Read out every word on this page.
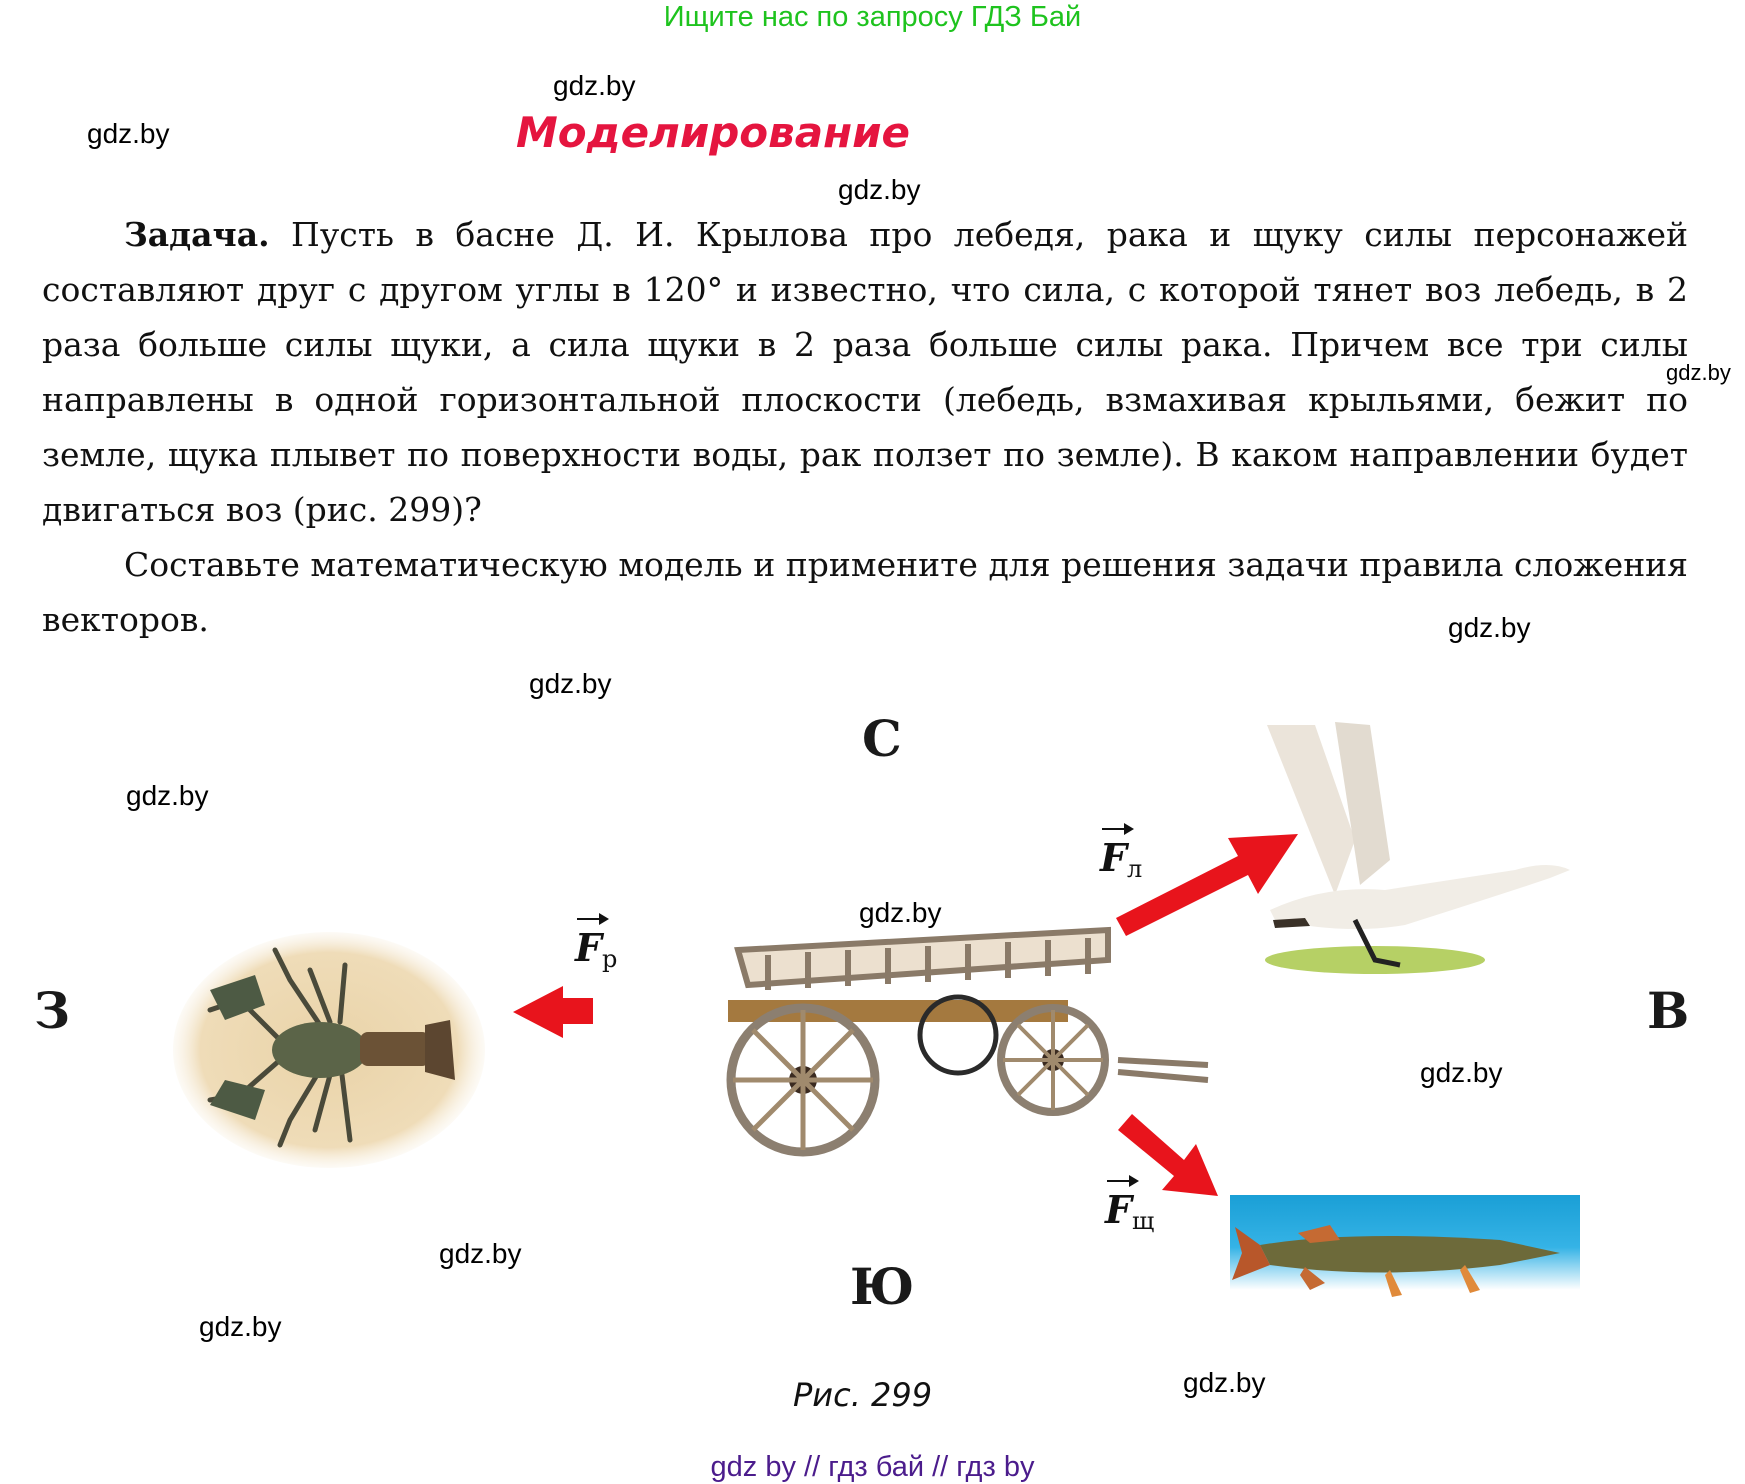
Ищите нас по запросу ГДЗ Бай
gdz.by
gdz.by
gdz.by
gdz.by
gdz.by
gdz.by
gdz.by
gdz.by
gdz.by
gdz.by
gdz.by
gdz.by
Моделирование

Задача. Пусть в басне Д. И. Крылова про лебедя, рака и щуку силы персонажей составляют друг с другом углы в 120° и известно, что сила, с которой тянет воз лебедь, в 2 раза больше силы щуки, а сила щуки в 2 раза больше силы рака. Причем все три силы направлены в одной горизонтальной плоскости (лебедь, взмахивая крыльями, бежит по земле, щука плывет по поверхности воды, рак ползет по земле). В каком направлении будет двигаться воз (рис. 299)?

Составьте математическую модель и примените для решения задачи правила сложения векторов.

С
Ю
З	В
$F_р$
$F_л$
$F_щ$
Рис. 299
gdz by // гдз бай // гдз by
